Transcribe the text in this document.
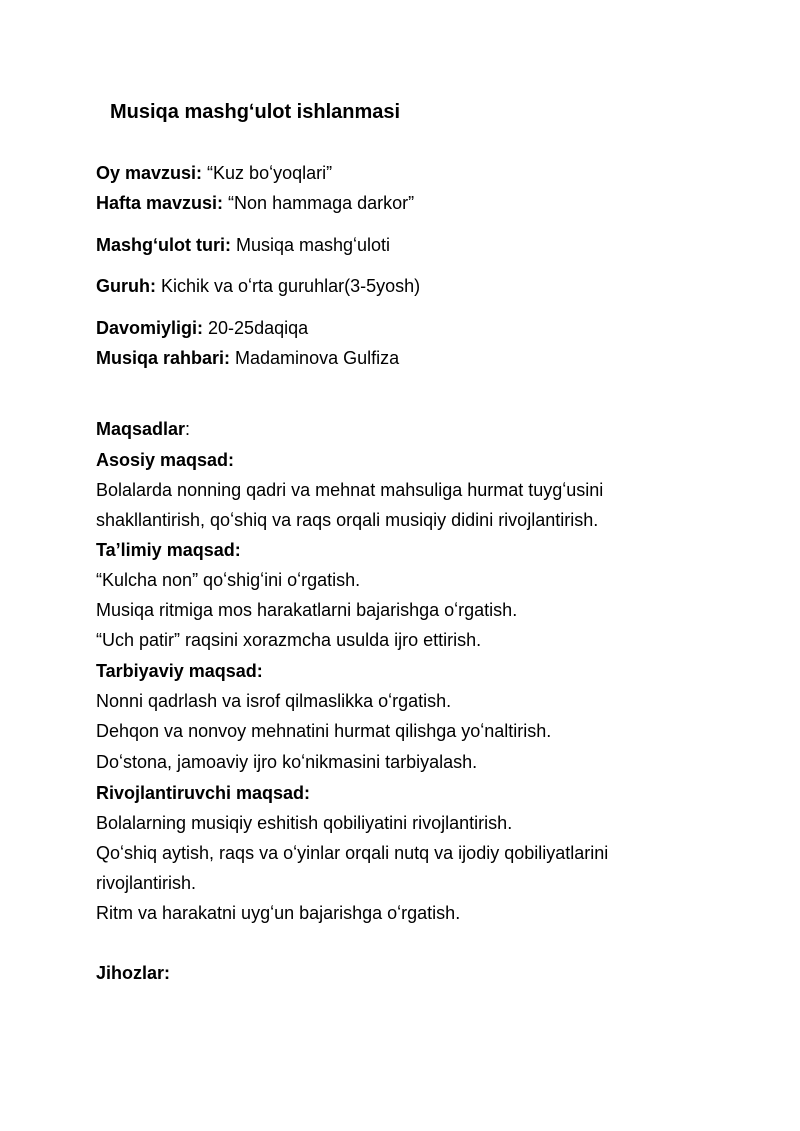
Musiqa mashgʻulot ishlanmasi
Oy mavzusi: “Kuz boʻyoqlari”
Hafta mavzusi: “Non hammaga darkor”
Mashgʻulot turi: Musiqa mashgʻuloti
Guruh: Kichik va oʻrta guruhlar(3-5yosh)
Davomiyligi: 20-25daqiqa
Musiqa rahbari: Madaminova Gulfiza
Maqsadlar:
Asosiy maqsad:
Bolalarda nonning qadri va mehnat mahsuliga hurmat tuygʻusini
shakllantirish, qoʻshiq va raqs orqali musiqiy didini rivojlantirish.
Ta’limiy maqsad:
“Kulcha non” qoʻshigʻini oʻrgatish.
Musiqa ritmiga mos harakatlarni bajarishga oʻrgatish.
“Uch patir” raqsini xorazmcha usulda ijro ettirish.
Tarbiyaviy maqsad:
Nonni qadrlash va isrof qilmaslikka oʻrgatish.
Dehqon va nonvoy mehnatini hurmat qilishga yoʻnaltirish.
Doʻstona, jamoaviy ijro koʻnikmasini tarbiyalash.
Rivojlantiruvchi maqsad:
Bolalarning musiqiy eshitish qobiliyatini rivojlantirish.
Qoʻshiq aytish, raqs va oʻyinlar orqali nutq va ijodiy qobiliyatlarini
rivojlantirish.
Ritm va harakatni uygʻun bajarishga oʻrgatish.
Jihozlar:
